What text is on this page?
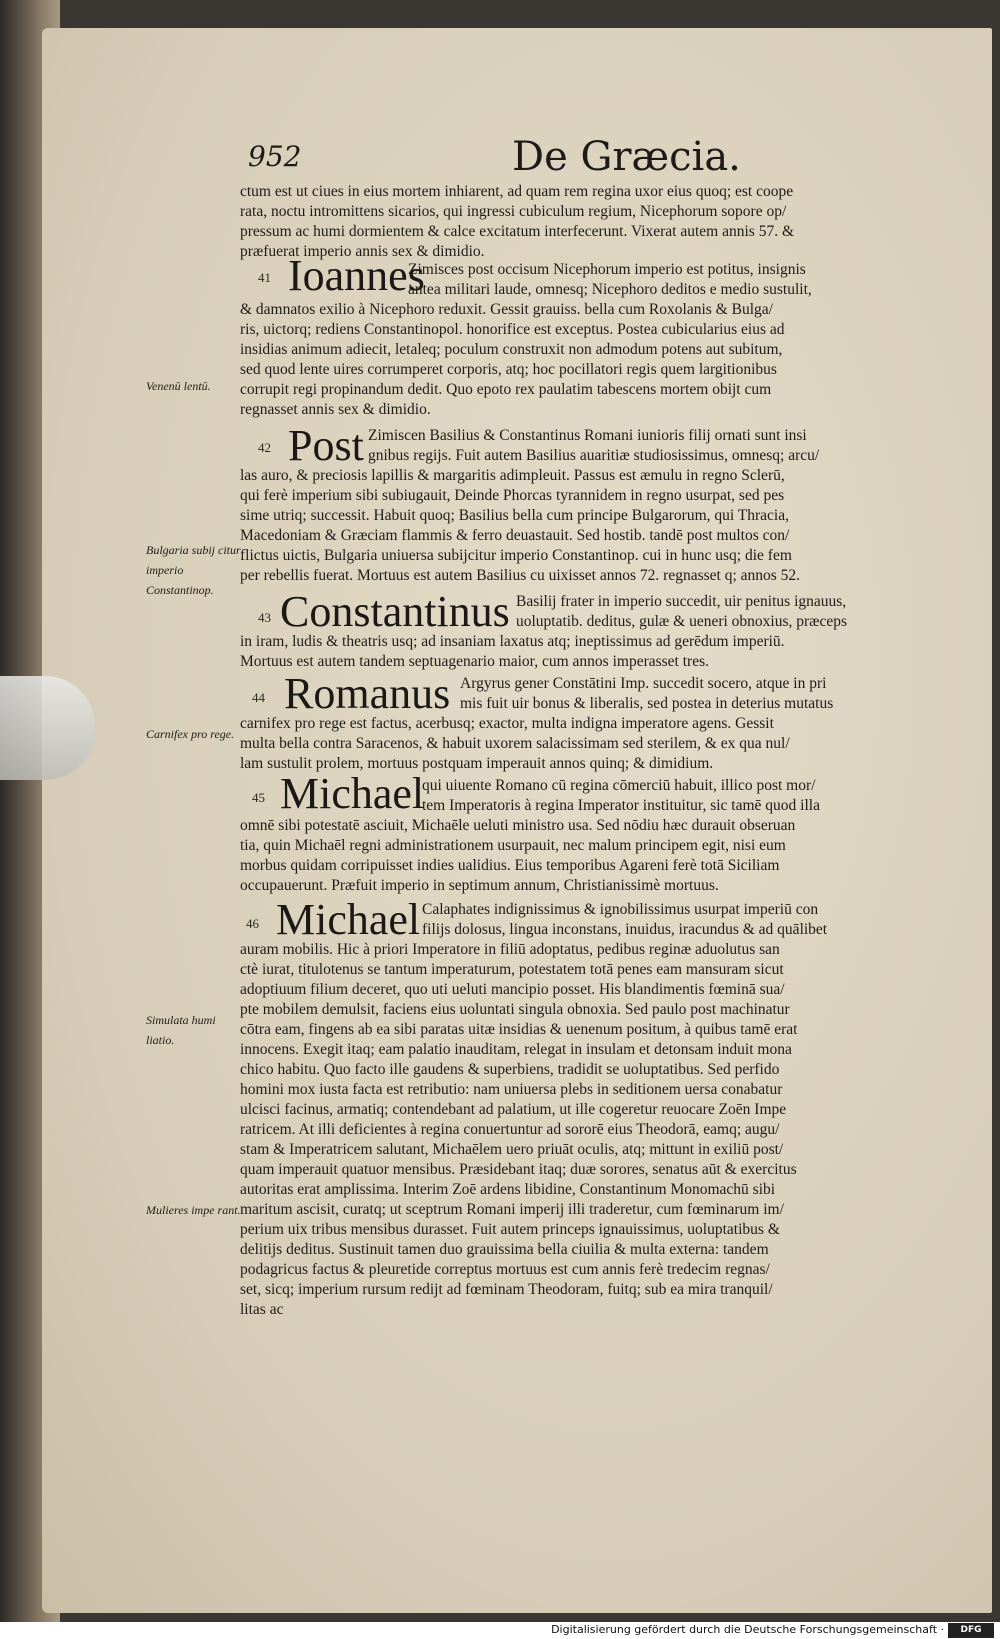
952	De Græcia.
ctum est ut ciues in eius mortem inhiarent, ad quam rem regina uxor eius quoq; est coope
rata, noctu intromittens sicarios, qui ingressi cubiculum regium, Nicephorum sopore op/
pressum ac humi dormientem & calce excitatum interfecerunt. Vixerat autem annis 57. &
præfuerat imperio annis sex & dimidio.
41 Ioannes
Zimisces post occisum Nicephorum imperio est potitus, insignis
antea militari laude, omnesq; Nicephoro deditos e medio sustulit,
& damnatos exilio à Nicephoro reduxit. Gessit grauiss. bella cum Roxolanis & Bulga/
ris, uictorq; rediens Constantinopol. honorifice est exceptus. Postea cubicularius eius ad
insidias animum adiecit, letaleq; poculum construxit non admodum potens aut subitum,
sed quod lente uires corrumperet corporis, atq; hoc pocillatori regis quem largitionibus
corrupit regi propinandum dedit. Quo epoto rex paulatim tabescens mortem obijt cum
regnasset annis sex & dimidio.
42 Post Zimiscen Basilius & Constantinus Romani iunioris filij ornati sunt insi
gnibus regijs. Fuit autem Basilius auaritiæ studiosissimus, omnesq; arcu/
las auro, & preciosis lapillis & margaritis adimpleuit. Passus est æmulu in regno Sclerū,
qui ferè imperium sibi subiugauit, Deinde Phorcas tyrannidem in regno usurpat, sed pes
sime utriq; successit. Habuit quoq; Basilius bella cum principe Bulgarorum, qui Thracia,
Macedoniam & Græciam flammis & ferro deuastauit. Sed hostib. tandē post multos con/
flictus uictis, Bulgaria uniuersa subijcitur imperio Constantinop. cui in hunc usq; die fem
per rebellis fuerat. Mortuus est autem Basilius cu uixisset annos 72. regnasset q; annos 52.
43 Constantinus Basilij frater in imperio succedit, uir penitus ignauus,
uoluptatib. deditus, gulæ & ueneri obnoxius, præceps
in iram, ludis & theatris usq; ad insaniam laxatus atq; ineptissimus ad gerēdum imperiū.
Mortuus est autem tandem septuagenario maior, cum annos imperasset tres.
44 Romanus Argyrus gener Constātini Imp. succedit socero, atque in pri
mis fuit uir bonus & liberalis, sed postea in deterius mutatus
carnifex pro rege est factus, acerbusq; exactor, multa indigna imperatore agens. Gessit
multa bella contra Saracenos, & habuit uxorem salacissimam sed sterilem, & ex qua nul/
lam sustulit prolem, mortuus postquam imperauit annos quinq; & dimidium.
45 Michael
qui uiuente Romano cū regina cōmerciū habuit, illico post mor/
tem Imperatoris à regina Imperator instituitur, sic tamē quod illa
omnē sibi potestatē asciuit, Michaēle ueluti ministro usa. Sed nōdiu hæc durauit obseruan
tia, quin Michaēl regni administrationem usurpauit, nec malum principem egit, nisi eum
morbus quidam corripuisset indies ualidius. Eius temporibus Agareni ferè totā Siciliam
occupauerunt. Præfuit imperio in septimum annum, Christianissimè mortuus.
46 Michael Calaphates indignissimus & ignobilissimus usurpat imperiū con
filijs dolosus, lingua inconstans, inuidus, iracundus & ad quālibet
auram mobilis. Hic à priori Imperatore in filiū adoptatus, pedibus reginæ aduolutus san
ctè iurat, titulotenus se tantum imperaturum, potestatem totā penes eam mansuram sicut
adoptiuum filium deceret, quo uti ueluti mancipio posset. His blandimentis fœminā sua/
pte mobilem demulsit, faciens eius uoluntati singula obnoxia. Sed paulo post machinatur
cōtra eam, fingens ab ea sibi paratas uitæ insidias & uenenum positum, à quibus tamē erat
innocens. Exegit itaq; eam palatio inauditam, relegat in insulam et detonsam induit mona
chico habitu. Quo facto ille gaudens & superbiens, tradidit se uoluptatibus. Sed perfido
homini mox iusta facta est retributio: nam uniuersa plebs in seditionem uersa conabatur
ulcisci facinus, armatiq; contendebant ad palatium, ut ille cogeretur reuocare Zoēn Impe
ratricem. At illi deficientes à regina conuertuntur ad sororē eius Theodorā, eamq; augu/
stam & Imperatricem salutant, Michaēlem uero priuāt oculis, atq; mittunt in exiliū post/
quam imperauit quatuor mensibus. Præsidebant itaq; duæ sorores, senatus aūt & exercitus
autoritas erat amplissima. Interim Zoē ardens libidine, Constantinum Monomachū sibi
maritum ascisit, curatq; ut sceptrum Romani imperij illi traderetur, cum fœminarum im/
perium uix tribus mensibus durasset. Fuit autem princeps ignauissimus, uoluptatibus &
delitijs deditus. Sustinuit tamen duo grauissima bella ciuilia & multa externa: tandem
podagricus factus & pleuretide correptus mortuus est cum annis ferè tredecim regnas/
set, sicq; imperium rursum redijt ad fœminam Theodoram, fuitq; sub ea mira tranquil/
litas ac
Venenū lentū.
Bulgaria subij citur imperio Constantinop.
Carnifex pro rege.
Simulata humi liatio.
Mulieres impe rant.
Digitalisierung gefördert durch die Deutsche Forschungsgemeinschaft ·	DFG
